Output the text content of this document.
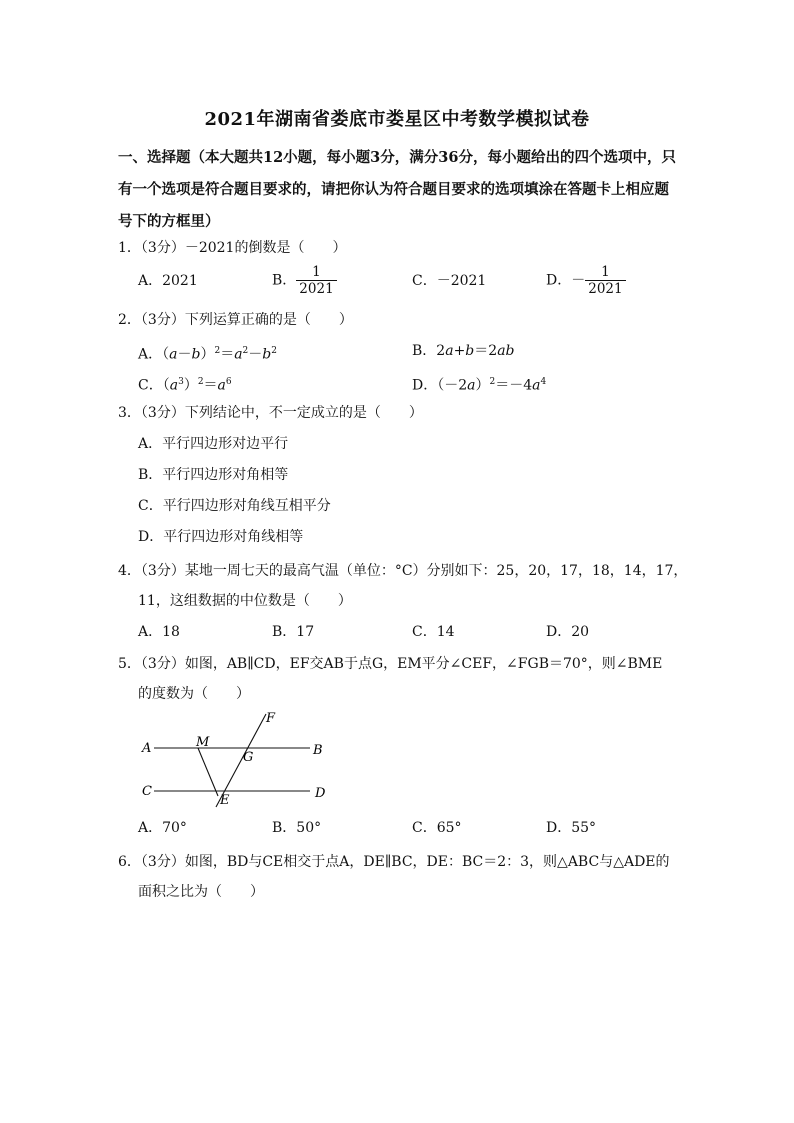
2021年湖南省娄底市娄星区中考数学模拟试卷
一、选择题（本大题共12小题，每小题3分，满分36分，每小题给出的四个选项中，只有一个选项是符合题目要求的，请把你认为符合题目要求的选项填涂在答题卡上相应题号下的方框里）
1．（3分）－2021的倒数是（　　）
A．2021	B． $\frac{1}{2021}$	C．－2021	D．－ $\frac{1}{2021}$
2．（3分）下列运算正确的是（　　）
A．$(a-b)^2=a^2-b^2$	B．2a+b＝2ab
C．$(a^3)^2=a^6$	D．$(-2a)^2=-4a^4$
3．（3分）下列结论中，不一定成立的是（　　）
A．平行四边形对边平行
B．平行四边形对角相等
C．平行四边形对角线互相平分
D．平行四边形对角线相等
4．（3分）某地一周七天的最高气温（单位：°C）分别如下：25，20，17，18，14，17，
11，这组数据的中位数是（　　）
A．18	B．17	C．14	D．20
5．（3分）如图，AB∥CD，EF交AB于点G，EM平分∠CEF，∠FGB＝70°，则∠BME
的度数为（　　）
A	M
F
G	B
C
E	D
A．70°	B．50°	C．65°	D．55°
6．（3分）如图，BD与CE相交于点A，DE∥BC，DE：BC＝2：3，则△ABC与△ADE的
面积之比为（　　）
